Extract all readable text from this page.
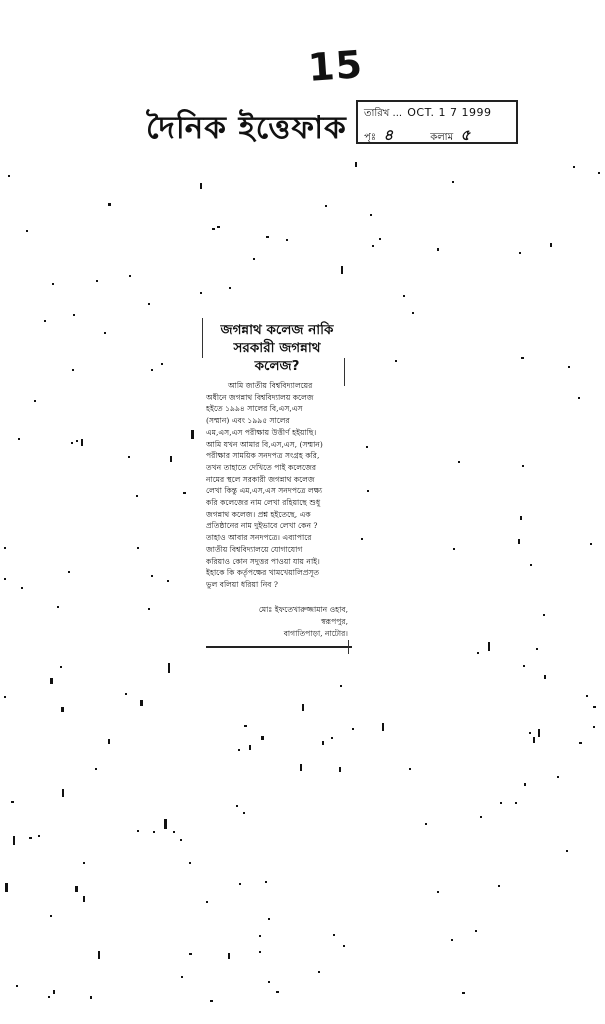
15
দৈনিক ইত্তেফাক তারিখ ... OCT. 1 7 1999
পৃঃ ৪	কলাম ৫
জগন্নাথ কলেজ নাকি
সরকারী জগন্নাথ
কলেজ?
আমি জাতীয় বিশ্ববিদ্যালয়ের
অধীনে জগন্নাথ বিশ্ববিদ্যালয় কলেজ
হইতে ১৯৯৪ সালের বি,এস,এস
(সম্মান) এবং ১৯৯৫ সালের
এম,এস,এস পরীক্ষায় উত্তীর্ণ হইয়াছি।
আমি যখন আমার বি,এস,এস, (সম্মান)
পরীক্ষার সাময়িক সনদপত্র সংগ্রহ করি,
তখন তাহাতে দেখিতে পাই কলেজের
নামের স্থলে সরকারী জগন্নাথ কলেজ
লেখা কিন্তু এম,এস,এস সনদপত্রে লক্ষ্য
করি কলেজের নাম লেখা রহিয়াছে শুধু
জগন্নাথ কলেজ। প্রশ্ন হইতেছে, এক
প্রতিষ্ঠানের নাম দুইভাবে লেখা কেন ?
তাহাও আবার সনদপত্রে। এব্যাপারে
জাতীয় বিশ্ববিদ্যালয়ে যোগাযোগ
করিয়াও কোন সদুত্তর পাওয়া যায় নাই।
ইহাকে কি কর্তৃপক্ষের খামখেয়ালিপ্রসূত
ভুল বলিয়া ধরিয়া নিব ?
মোঃ ইফতেখারুজ্জামান ওহাব,
স্বরূপপুর,
বাগাতিপাড়া, নাটোর।
